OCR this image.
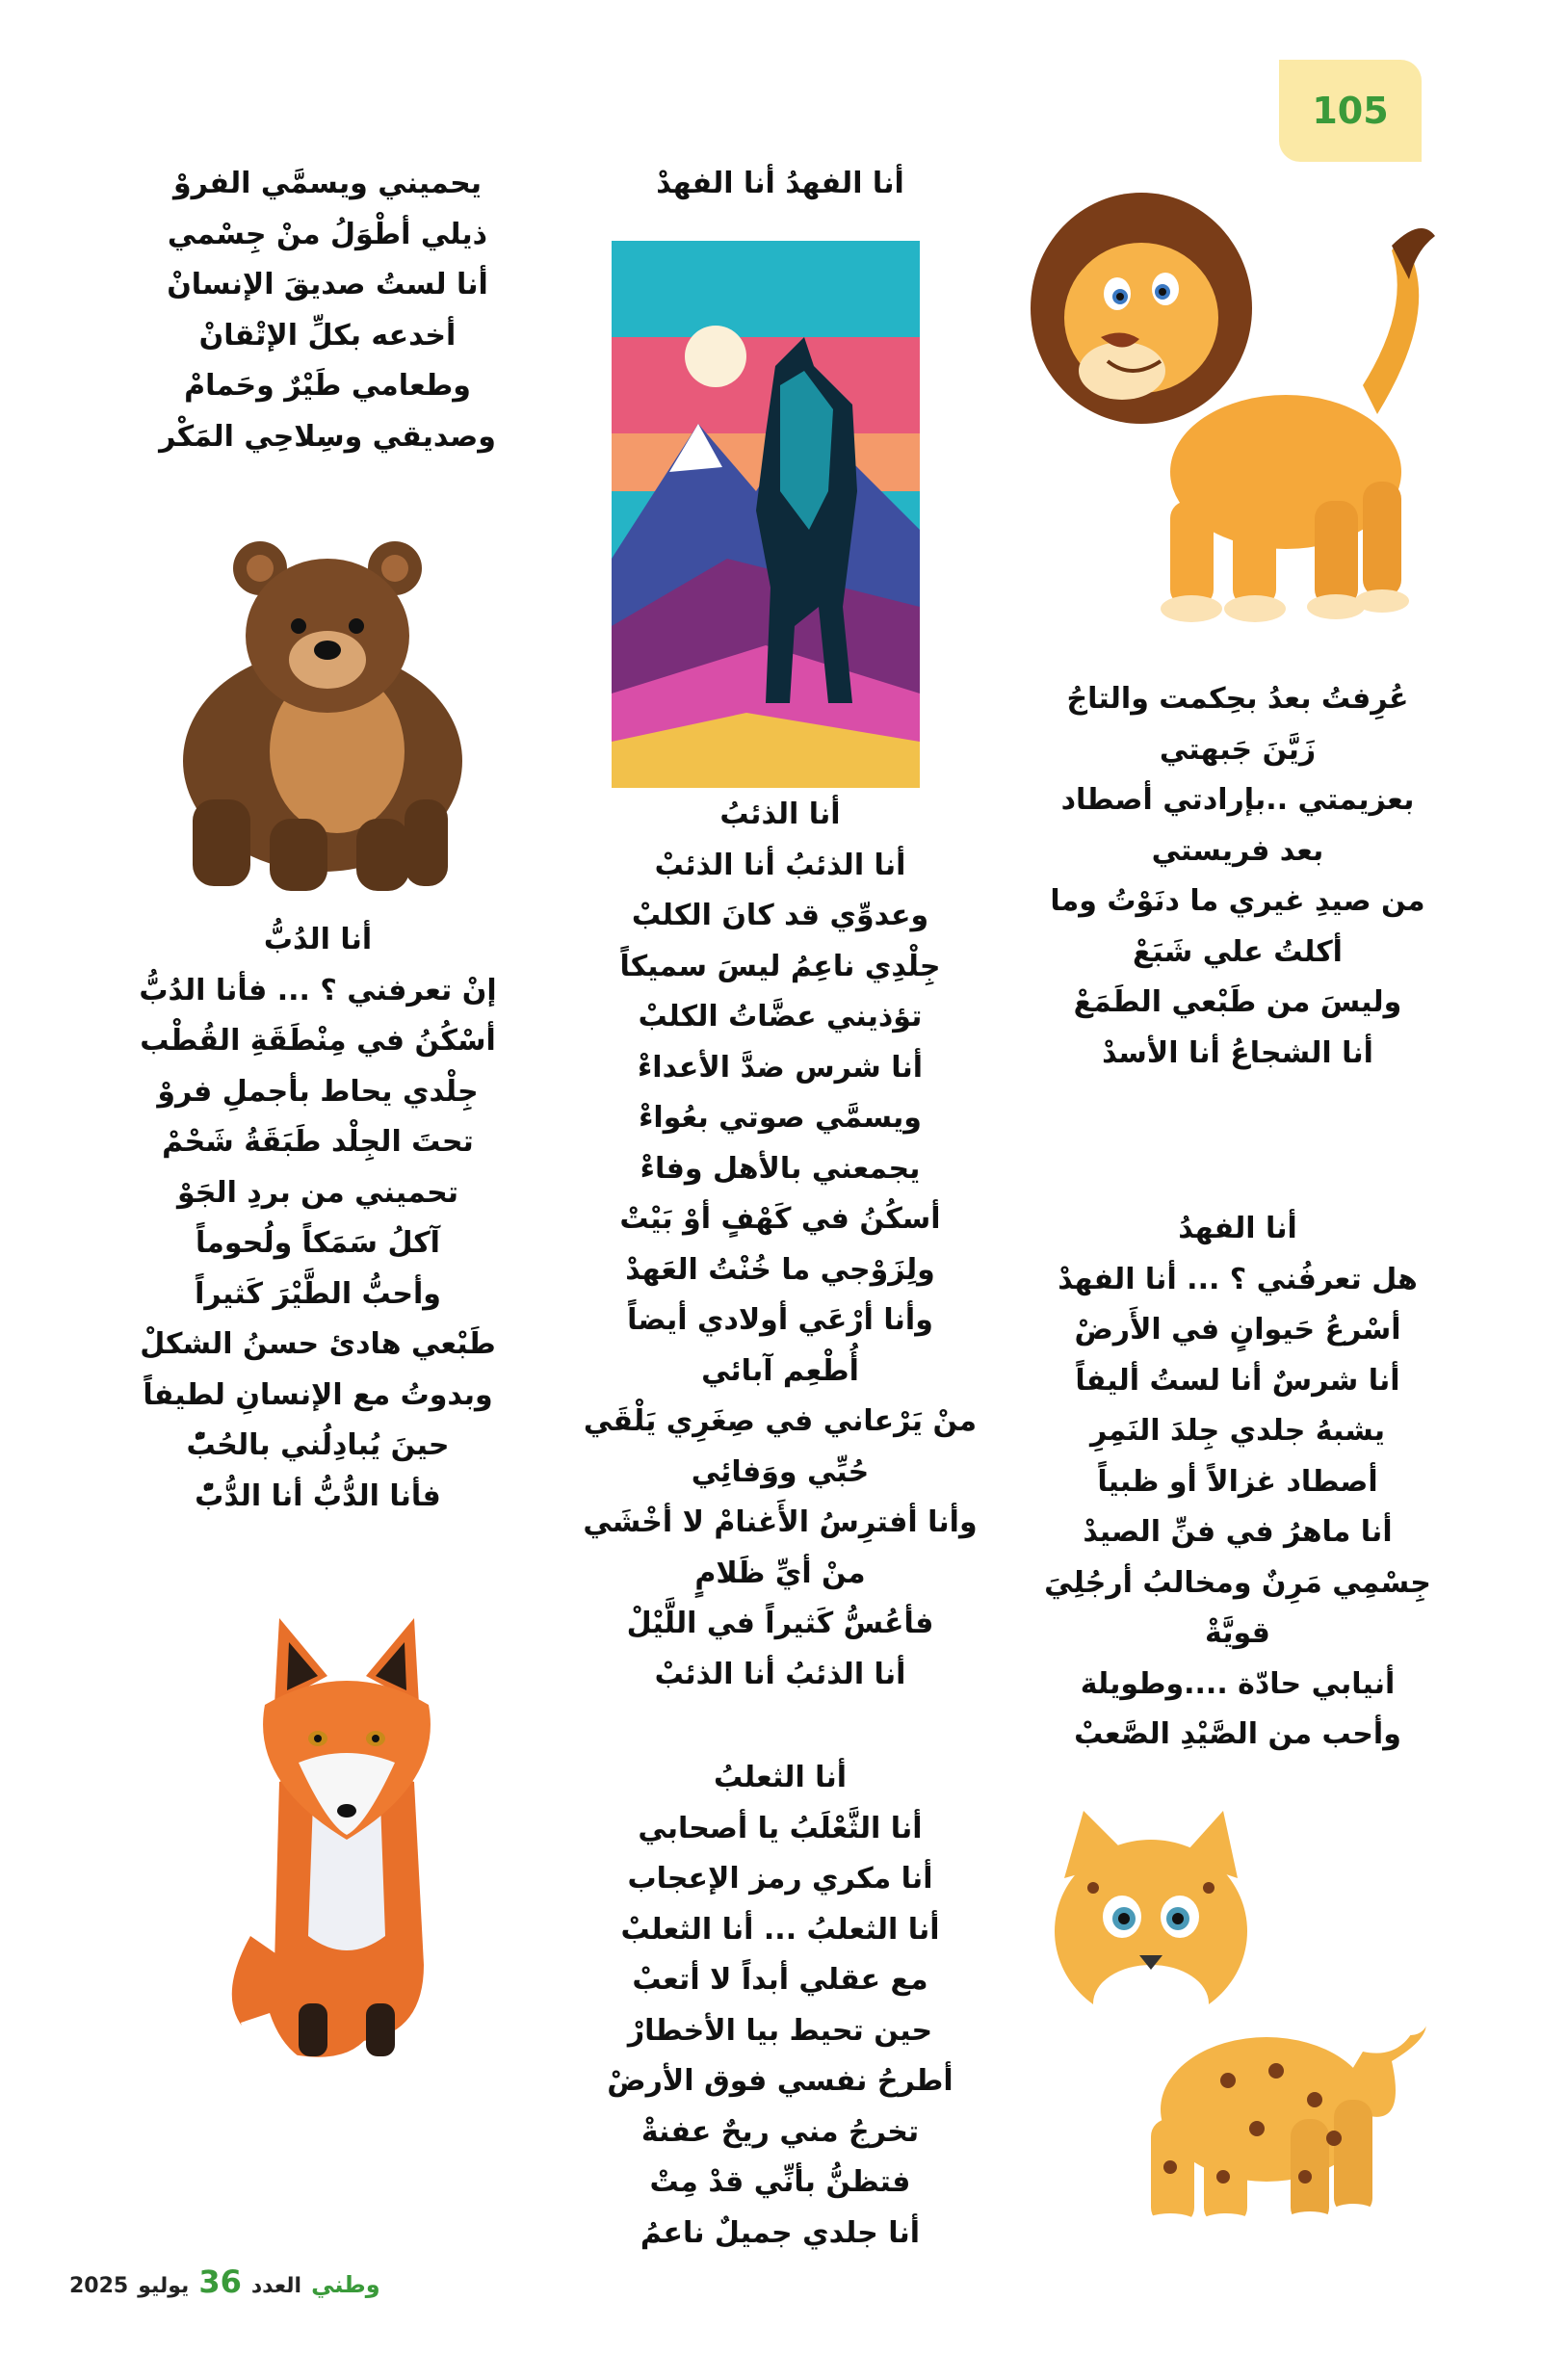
105
عُرِفتُ بعدُ بحِكمت والتاجُ
زَيَّنَ جَبهتي
بعزيمتي ..بإرادتي أصطاد
بعد فريستي
من صيدِ غيري ما دنَوْتُ وما
أكلتُ علي شَبَعْ
وليسَ من طَبْعي الطَمَعْ
أنا الشجاعُ أنا الأسدْ
أنا الفهدُ
هل تعرفُني ؟ ... أنا الفهدْ
أسْرعُ حَيوانٍ في الأَرضْ
أنا شرسٌ أنا لستُ أليفاً
يشبهُ جلدي جِلدَ النَمِرِ
أصطاد غزالاً أو ظبياً
أنا ماهرُ في فنِّ الصيدْ
جِسْمِي مَرِنٌ ومخالبُ أرجُلِيَ
قويَّةْ
أنيابي حادّة ....وطويلة
وأحب من الصَّيْدِ الصَّعبْ
أنا الفهدُ أنا الفهدْ
أنا الذئبُ
أنا الذئبُ أنا الذئبْ
وعدوِّي قد كانَ الكلبْ
جِلْدِي ناعِمُ ليسَ سميكاً
تؤذيني عضَّاتُ الكلبْ
أنا شرس ضدَّ الأعداءْ
ويسمَّي صوتي بعُواءْ
يجمعني بالأهل وفاءْ
أسكُنُ في كَهْفٍ أوْ بَيْتْ
ولِزَوْجي ما خُنْتُ العَهدْ
وأنا أرْعَي أولادي أيضاً
أُطْعِم آبائي
منْ يَرْعاني في صِغَرِي يَلْقَي
حُبِّي ووَفائِي
وأنا أفترِسُ الأَغنامْ لا أخْشَي
منْ أيِّ ظَلامٍ
فأعُسُّ كَثيراً في اللَّيْلْ
أنا الذئبُ أنا الذئبْ
أنا الثعلبُ
أنا الثَّعْلَبُ يا أصحابي
أنا مكري رمز الإعجاب
أنا الثعلبُ ... أنا الثعلبْ
مع عقلي أبداً لا أتعبْ
حين تحيط بيا الأخطارْ
أطرحُ نفسي فوق الأرضْ
تخرجُ مني ريحٌ عفنةْ
فتظنُّ بأنِّي قدْ مِتْ
أنا جلدي جميلٌ ناعمُ
يحميني ويسمَّي الفروْ
ذيلي أطْوَلُ منْ جِسْمي
أنا لستُ صديقَ الإنسانْ
أخدعه بكلِّ الإتْقانْ
وطعامي طَيْرٌ وحَمامْ
وصديقي وسِلاحِي المَكْر
أنا الدُبُّ
إنْ تعرفني ؟ ... فأنا الدُبُّ
أسْكُنُ في مِنْطَقَةِ القُطْب
جِلْدي يحاط بأجملِ فروْ
تحتَ الجِلْد طَبَقَةُ شَحْمْ
تحميني من بردِ الجَوْ
آكلُ سَمَكاً ولُحوماً
وأحبُّ الطَّيْرَ كَثيراً
طَبْعي هادئ حسنُ الشكلْ
وبدوتُ مع الإنسانِ لطيفاً
حينَ يُبادِلُني بالحُبّْ
فأنا الدُّبُّ أنا الدُّبّْ
2025 يوليو 36 العدد وطني
